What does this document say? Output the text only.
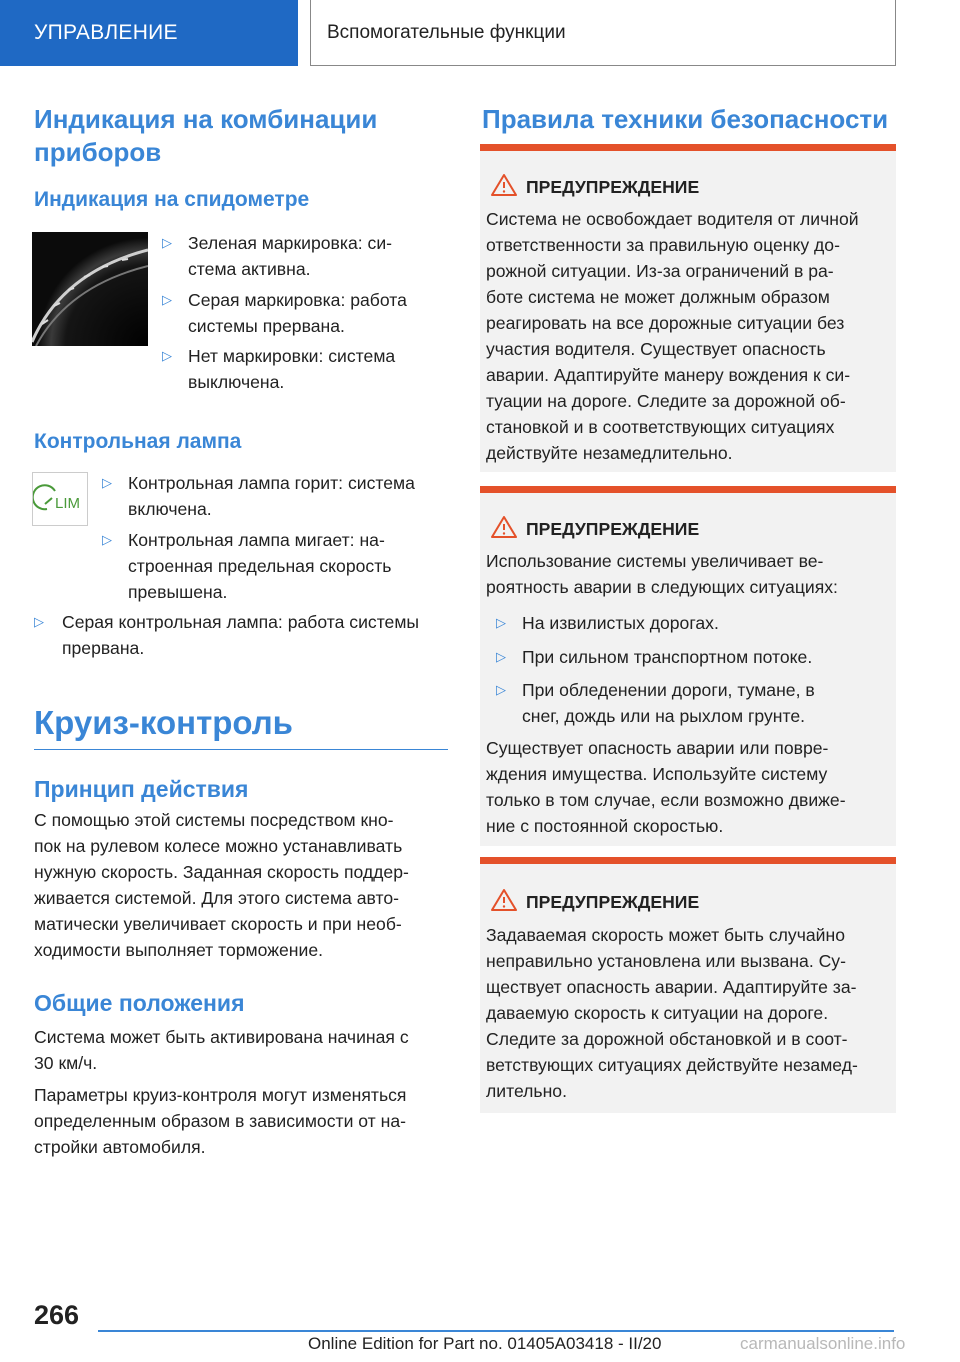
УПРАВЛЕНИЕ	Вспомогательные функции
Индикация на комбинации
приборов
Индикация на спидометре
▷ Зеленая маркировка: си-
стема активна.
▷ Серая маркировка: работа
системы прервана.
▷ Нет маркировки: система
выключена.
Контрольная лампа
LIM
▷ Контрольная лампа горит: система
включена.
▷ Контрольная лампа мигает: на-
строенная предельная скорость
превышена.
▷	Серая контрольная лампа: работа системы
прервана.
Круиз-контроль
Принцип действия
С помощью этой системы посредством кно-
пок на рулевом колесе можно устанавливать
нужную скорость. Заданная скорость поддер-
живается системой. Для этого система авто-
матически увеличивает скорость и при необ-
ходимости выполняет торможение.
Общие положения
Система может быть активирована начиная с
30 км/ч.
Параметры круиз-контроля могут изменяться
определенным образом в зависимости от на-
стройки автомобиля.
Правила техники безопасности
ПРЕДУПРЕЖДЕНИЕ
Система не освобождает водителя от личной
ответственности за правильную оценку до-
рожной ситуации. Из-за ограничений в ра-
боте система не может должным образом
реагировать на все дорожные ситуации без
участия водителя. Существует опасность
аварии. Адаптируйте манеру вождения к си-
туации на дороге. Следите за дорожной об-
становкой и в соответствующих ситуациях
действуйте незамедлительно.
ПРЕДУПРЕЖДЕНИЕ
Использование системы увеличивает ве-
роятность аварии в следующих ситуациях:
▷ На извилистых дорогах.
▷ При сильном транспортном потоке.
▷ При обледенении дороги, тумане, в
снег, дождь или на рыхлом грунте.
Существует опасность аварии или повре-
ждения имущества. Используйте систему
только в том случае, если возможно движе-
ние с постоянной скоростью.
ПРЕДУПРЕЖДЕНИЕ
Задаваемая скорость может быть случайно
неправильно установлена или вызвана. Су-
ществует опасность аварии. Адаптируйте за-
даваемую скорость к ситуации на дороге.
Следите за дорожной обстановкой и в соот-
ветствующих ситуациях действуйте незамед-
лительно.
266
Online Edition for Part no. 01405A03418 - II/20	carmanualsonline.info
